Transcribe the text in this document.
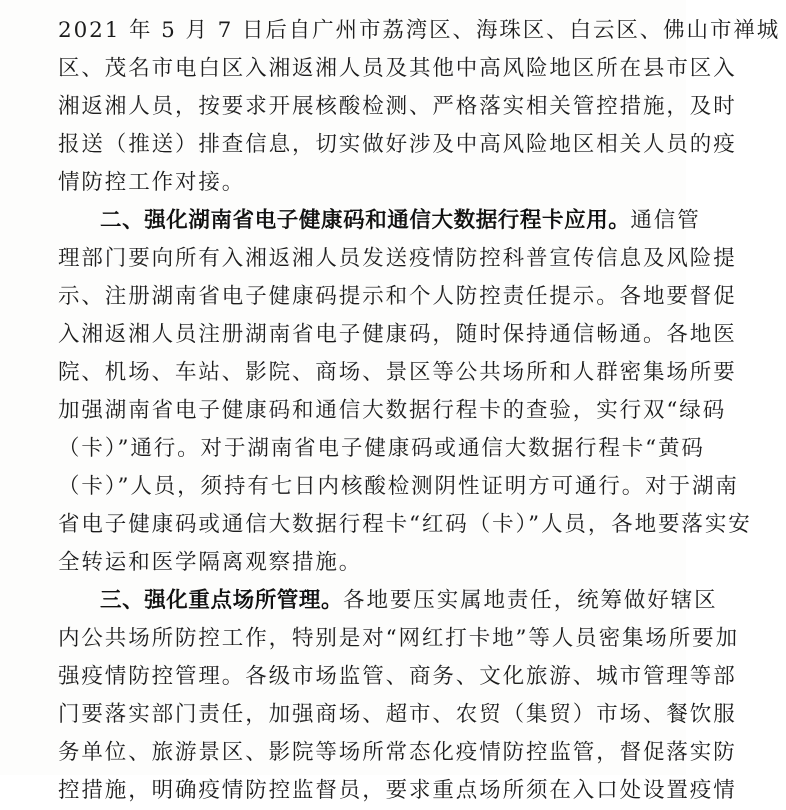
2021 年 5 月 7 日后自广州市荔湾区、海珠区、白云区、佛山市禅城
区、茂名市电白区入湘返湘人员及其他中高风险地区所在县市区入
湘返湘人员，按要求开展核酸检测、严格落实相关管控措施，及时
报送（推送）排查信息，切实做好涉及中高风险地区相关人员的疫
情防控工作对接。
二、强化湖南省电子健康码和通信大数据行程卡应用。通信管
理部门要向所有入湘返湘人员发送疫情防控科普宣传信息及风险提
示、注册湖南省电子健康码提示和个人防控责任提示。各地要督促
入湘返湘人员注册湖南省电子健康码，随时保持通信畅通。各地医
院、机场、车站、影院、商场、景区等公共场所和人群密集场所要
加强湖南省电子健康码和通信大数据行程卡的查验，实行双“绿码
（卡）”通行。对于湖南省电子健康码或通信大数据行程卡“黄码
（卡）”人员，须持有七日内核酸检测阴性证明方可通行。对于湖南
省电子健康码或通信大数据行程卡“红码（卡）”人员，各地要落实安
全转运和医学隔离观察措施。
三、强化重点场所管理。各地要压实属地责任，统筹做好辖区
内公共场所防控工作，特别是对“网红打卡地”等人员密集场所要加
强疫情防控管理。各级市场监管、商务、文化旅游、城市管理等部
门要落实部门责任，加强商场、超市、农贸（集贸）市场、餐饮服
务单位、旅游景区、影院等场所常态化疫情防控监管，督促落实防
控措施，明确疫情防控监督员，要求重点场所须在入口处设置疫情
